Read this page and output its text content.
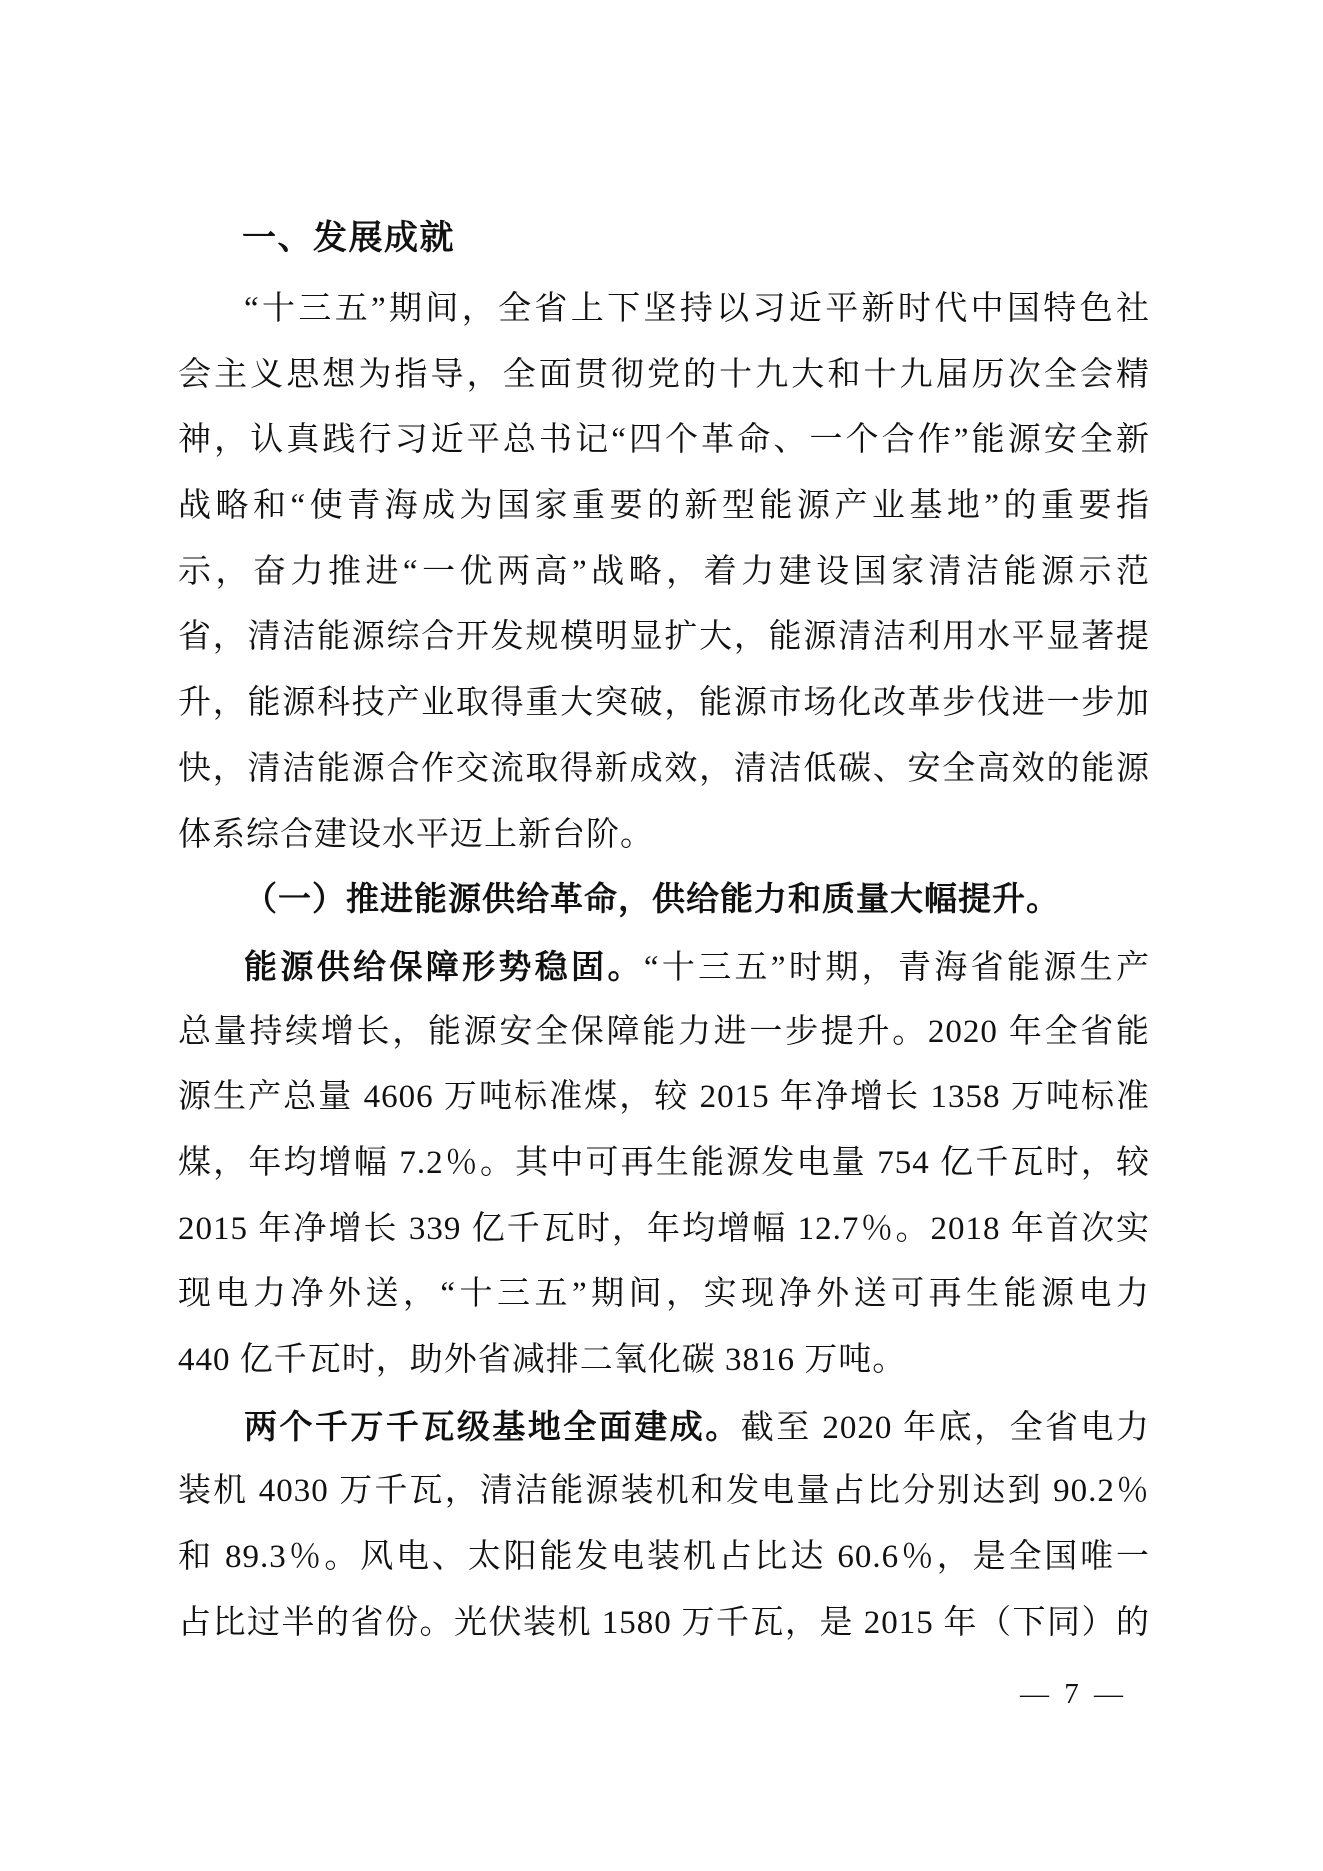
一、发展成就
“十三五”期间，全省上下坚持以习近平新时代中国特色社
会主义思想为指导，全面贯彻党的十九大和十九届历次全会精
神，认真践行习近平总书记“四个革命、一个合作”能源安全新
战略和“使青海成为国家重要的新型能源产业基地”的重要指
示，奋力推进“一优两高”战略，着力建设国家清洁能源示范
省，清洁能源综合开发规模明显扩大，能源清洁利用水平显著提
升，能源科技产业取得重大突破，能源市场化改革步伐进一步加
快，清洁能源合作交流取得新成效，清洁低碳、安全高效的能源
体系综合建设水平迈上新台阶。
（一）推进能源供给革命，供给能力和质量大幅提升。
能源供给保障形势稳固。“十三五”时期，青海省能源生产
总量持续增长，能源安全保障能力进一步提升。2020 年全省能
源生产总量 4606 万吨标准煤，较 2015 年净增长 1358 万吨标准
煤，年均增幅 7.2％。其中可再生能源发电量 754 亿千瓦时，较
2015 年净增长 339 亿千瓦时，年均增幅 12.7％。2018 年首次实
现电力净外送，“十三五”期间，实现净外送可再生能源电力
440 亿千瓦时，助外省减排二氧化碳 3816 万吨。
两个千万千瓦级基地全面建成。截至 2020 年底，全省电力
装机 4030 万千瓦，清洁能源装机和发电量占比分别达到 90.2％
和 89.3％。风电、太阳能发电装机占比达 60.6％，是全国唯一
占比过半的省份。光伏装机 1580 万千瓦，是 2015 年（下同）的
— 7 —
